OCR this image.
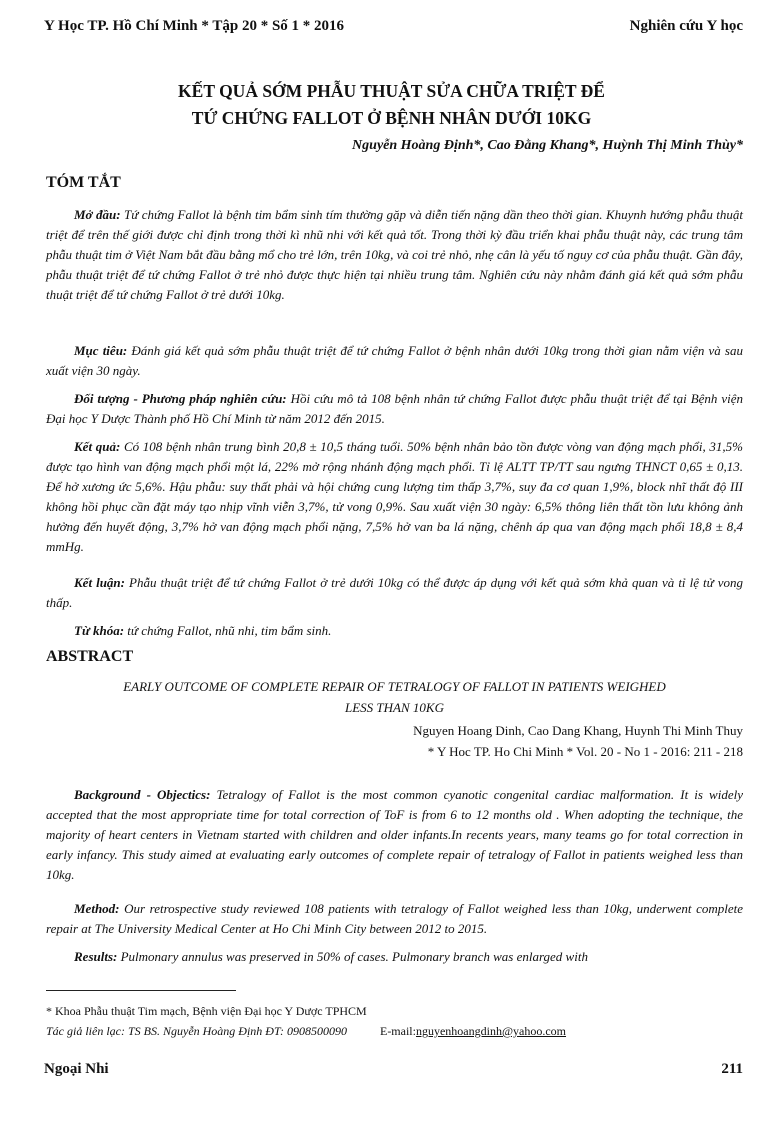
Y Học TP. Hồ Chí Minh * Tập 20 * Số 1 * 2016	Nghiên cứu Y học
KẾT QUẢ SỚM PHẪU THUẬT SỬA CHỮA TRIỆT ĐỂ
TỨ CHỨNG FALLOT Ở BỆNH NHÂN DƯỚI 10KG
Nguyễn Hoàng Định*, Cao Đằng Khang*, Huỳnh Thị Minh Thùy*
TÓM TẮT
Mở đầu: Tứ chứng Fallot là bệnh tim bẩm sinh tím thường gặp và diễn tiến nặng dần theo thời gian. Khuynh hướng phẫu thuật triệt để trên thế giới được chỉ định trong thời kì nhũ nhi với kết quả tốt. Trong thời kỳ đầu triển khai phẫu thuật này, các trung tâm phẫu thuật tim ở Việt Nam bắt đầu bằng mổ cho trẻ lớn, trên 10kg, và coi trẻ nhỏ, nhẹ cân là yếu tố nguy cơ của phẫu thuật. Gần đây, phẫu thuật triệt để tứ chứng Fallot ở trẻ nhỏ được thực hiện tại nhiều trung tâm. Nghiên cứu này nhằm đánh giá kết quả sớm phẫu thuật triệt để tứ chứng Fallot ở trẻ dưới 10kg.
Mục tiêu: Đánh giá kết quả sớm phẫu thuật triệt để tứ chứng Fallot ở bệnh nhân dưới 10kg trong thời gian nằm viện và sau xuất viện 30 ngày.
Đối tượng - Phương pháp nghiên cứu: Hồi cứu mô tả 108 bệnh nhân tứ chứng Fallot được phẫu thuật triệt để tại Bệnh viện Đại học Y Dược Thành phố Hồ Chí Minh từ năm 2012 đến 2015.
Kết quả: Có 108 bệnh nhân trung bình 20,8 ± 10,5 tháng tuổi. 50% bệnh nhân bảo tồn được vòng van động mạch phổi, 31,5% được tạo hình van động mạch phổi một lá, 22% mở rộng nhánh động mạch phổi. Tỉ lệ ALTT TP/TT sau ngưng THNCT 0,65 ± 0,13. Để hở xương ức 5,6%. Hậu phẫu: suy thất phải và hội chứng cung lượng tim thấp 3,7%, suy đa cơ quan 1,9%, block nhĩ thất độ III không hồi phục cần đặt máy tạo nhịp vĩnh viễn 3,7%, tử vong 0,9%. Sau xuất viện 30 ngày: 6,5% thông liên thất tồn lưu không ảnh hưởng đến huyết động, 3,7% hở van động mạch phổi nặng, 7,5% hở van ba lá nặng, chênh áp qua van động mạch phổi 18,8 ± 8,4 mmHg.
Kết luận: Phẫu thuật triệt để tứ chứng Fallot ở trẻ dưới 10kg có thể được áp dụng với kết quả sớm khả quan và tỉ lệ tử vong thấp.
Từ khóa: tứ chứng Fallot, nhũ nhi, tim bẩm sinh.
ABSTRACT
EARLY OUTCOME OF COMPLETE REPAIR OF TETRALOGY OF FALLOT IN PATIENTS WEIGHED
LESS THAN 10KG
Nguyen Hoang Dinh, Cao Dang Khang, Huynh Thi Minh Thuy
* Y Hoc TP. Ho Chi Minh * Vol. 20 - No 1 - 2016: 211 - 218
Background - Objectics: Tetralogy of Fallot is the most common cyanotic congenital cardiac malformation. It is widely accepted that the most appropriate time for total correction of ToF is from 6 to 12 months old . When adopting the technique, the majority of heart centers in Vietnam started with children and older infants.In recents years, many teams go for total correction in early infancy. This study aimed at evaluating early outcomes of complete repair of tetralogy of Fallot in patients weighed less than 10kg.
Method: Our retrospective study reviewed 108 patients with tetralogy of Fallot weighed less than 10kg, underwent complete repair at The University Medical Center at Ho Chi Minh City between 2012 to 2015.
Results: Pulmonary annulus was preserved in 50% of cases. Pulmonary branch was enlarged with
* Khoa Phẫu thuật Tim mạch, Bệnh viện Đại học Y Dược TPHCM
Tác giả liên lạc: TS BS. Nguyễn Hoàng Định ĐT: 0908500090	E-mail:nguyenhoangdinh@yahoo.com
Ngoại Nhi	211
